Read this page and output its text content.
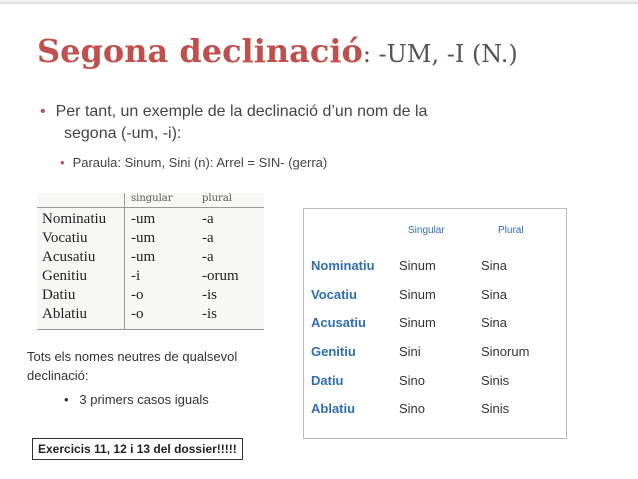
Segona declinació: -UM, -I (N.)
• Per tant, un exemple de la declinació d’un nom de la
segona (-um, -i):
• Paraula: Sinum, Sini (n): Arrel = SIN- (gerra)
singular	plural
Nominatiu -um	-a
Vocatiu	-um	-a
Acusatiu -um	-a
Genitiu	-i	-orum
Datiu	-o	-is
Ablatiu	-o	-is
Singular	Plural
Nominatiu Sinum	Sina
Vocatiu	Sinum	Sina
Acusatiu	Sinum	Sina
Genitiu	Sini	Sinorum
Datiu	Sino	Sinis
Ablatiu	Sino	Sinis
Tots els nomes neutres de qualsevol
declinació:
• 3 primers casos iguals
Exercicis 11, 12 i 13 del dossier!!!!!
